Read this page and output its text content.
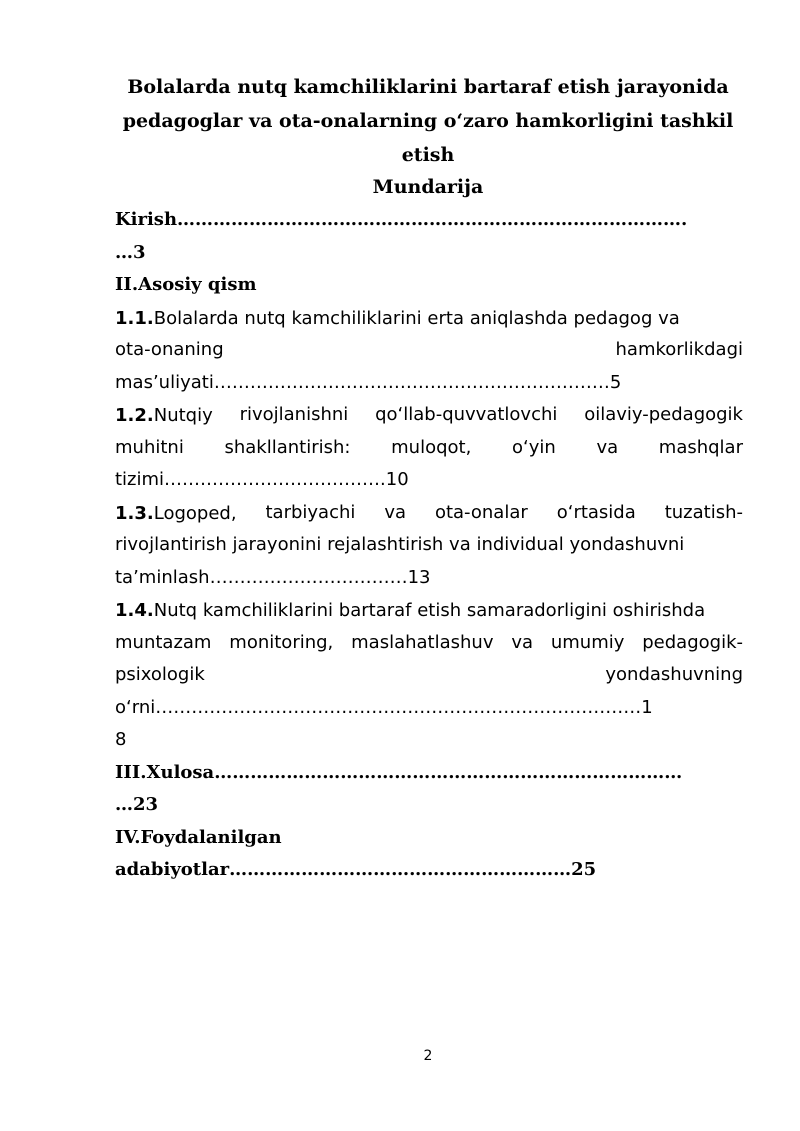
Bolalarda nutq kamchiliklarini bartaraf etish jarayonida
pedagoglar va ota-onalarning o‘zaro hamkorligini tashkil
etish
Mundarija
Kirish………………………………………………………………………….
…3
II.Asosiy qism
1.1.Bolalarda nutq kamchiliklarini erta aniqlashda pedagog va
ota-onaning	hamkorlikdagi
mas’uliyati…………………………………………………………5
1.2.Nutqiy rivojlanishni qo‘llab-quvvatlovchi oilaviy-pedagogik
muhitni shakllantirish: muloqot, o‘yin va mashqlar
tizimi……………………………….10
1.3.Logoped, tarbiyachi va ota-onalar o‘rtasida tuzatish-
rivojlantirish jarayonini rejalashtirish va individual yondashuvni
ta’minlash……………………………13
1.4.Nutq kamchiliklarini bartaraf etish samaradorligini oshirishda
muntazam monitoring, maslahatlashuv va umumiy pedagogik-
psixologik	yondashuvning
o‘rni………………………………………………………………………1
8
III.Xulosa……………………………………………………………………
…23
IV.Foydalanilgan
adabiyotlar…………………………………………………25
2
